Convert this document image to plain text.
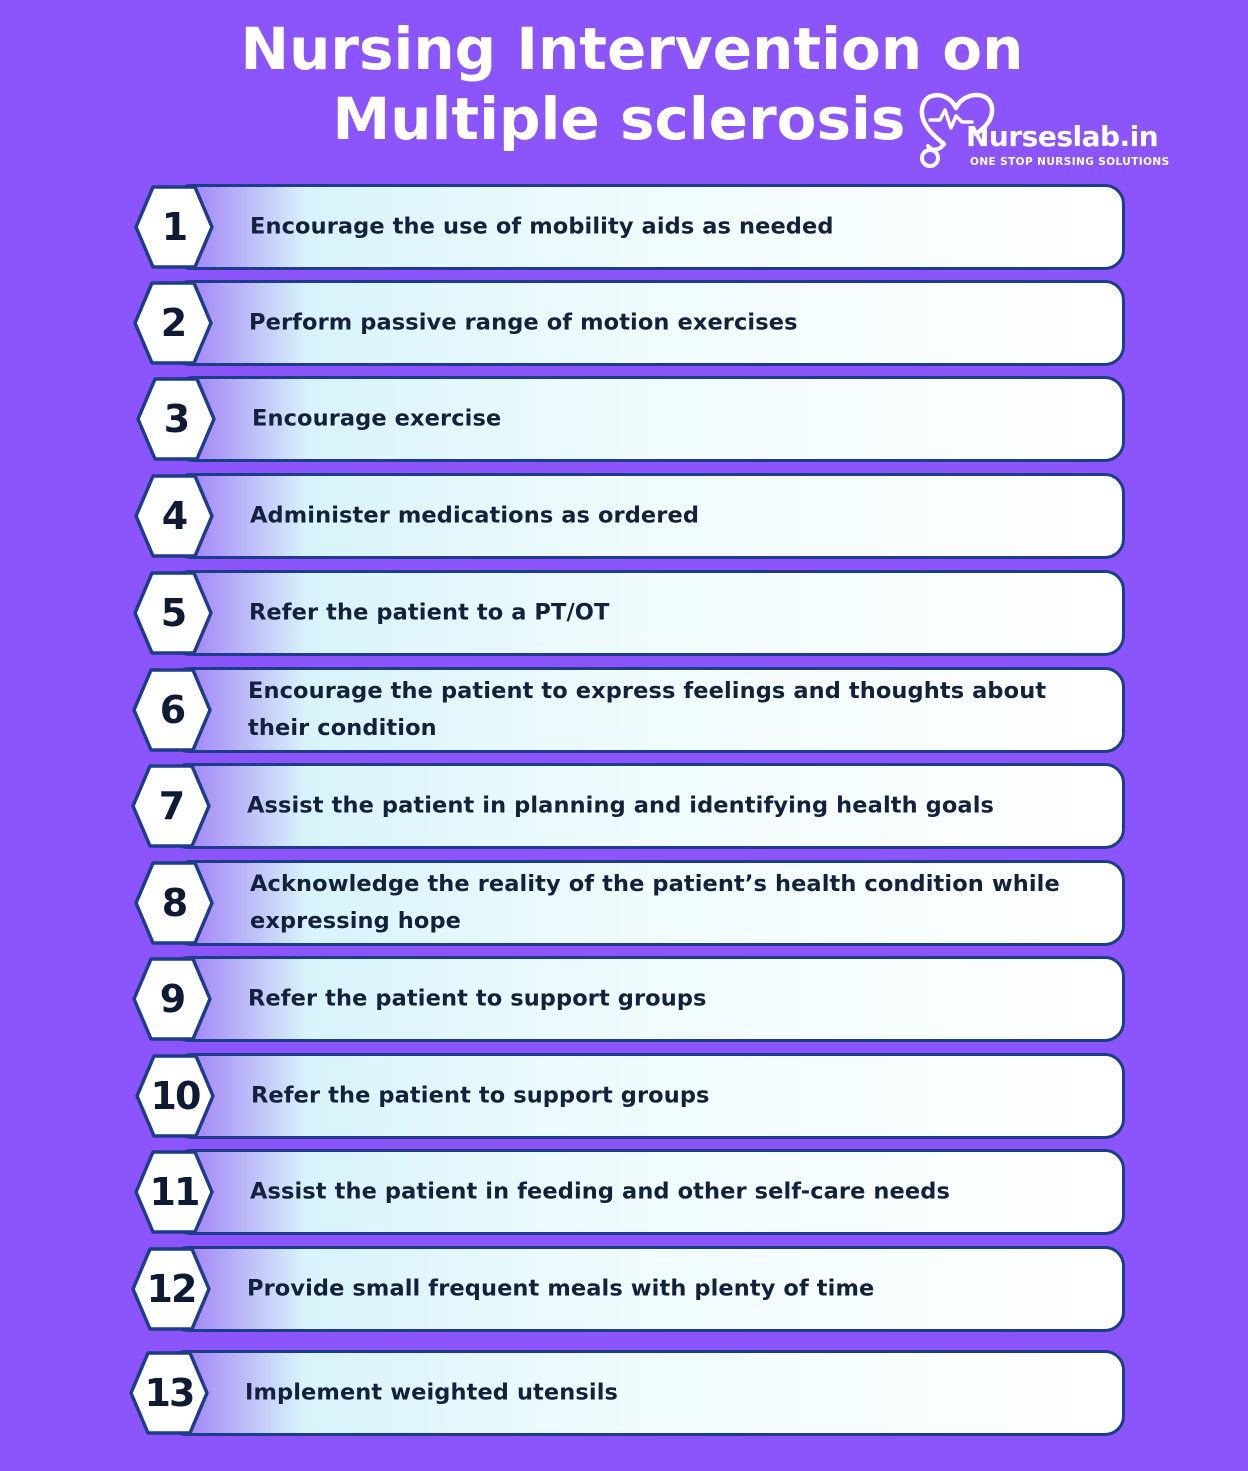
Nursing Intervention on
Multiple sclerosis	Nurseslab.in
ONE STOP NURSING SOLUTIONS
Encourage the use of mobility aids as needed
1
Perform passive range of motion exercises
2
Encourage exercise
3
Administer medications as ordered
4
Refer the patient to a PT/OT
5
Encourage the patient to express feelings and thoughts about their condition
6
Assist the patient in planning and identifying health goals
7
Acknowledge the reality of the patient’s health condition while expressing hope
8
Refer the patient to support groups
9
Refer the patient to support groups
10
Assist the patient in feeding and other self-care needs
11
Provide small frequent meals with plenty of time
12
Implement weighted utensils
13
